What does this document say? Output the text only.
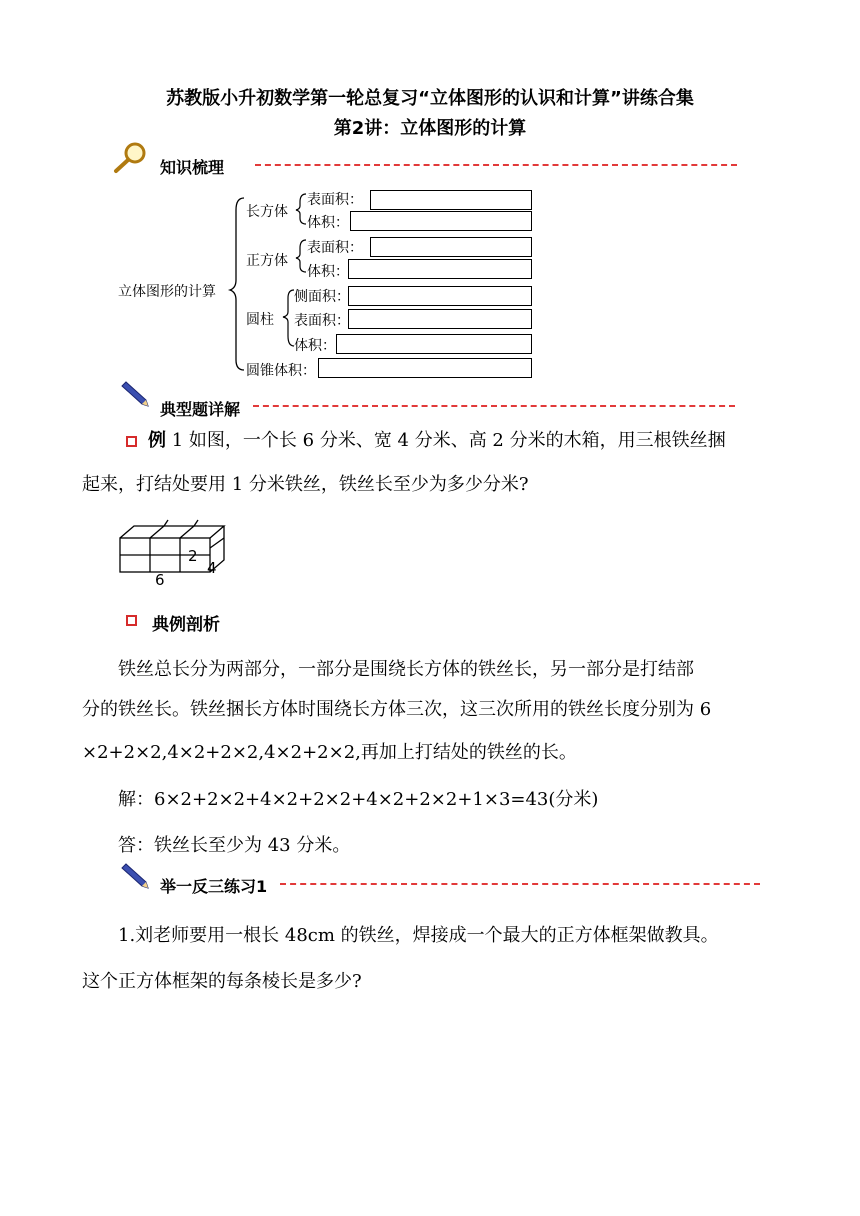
苏教版小升初数学第一轮总复习“立体图形的认识和计算”讲练合集
第2讲：立体图形的计算
知识梳理
立体图形的计算
长方体
表面积：
体积：
正方体
表面积：
体积：
圆柱
侧面积：
表面积：
体积：
圆锥体积：
典型题详解
例 1 如图，一个长 6 分米、宽 4 分米、高 2 分米的木箱，用三根铁丝捆
起来，打结处要用 1 分米铁丝，铁丝长至少为多少分米?
2
4
6
典例剖析
铁丝总长分为两部分，一部分是围绕长方体的铁丝长，另一部分是打结部
分的铁丝长。铁丝捆长方体时围绕长方体三次，这三次所用的铁丝长度分别为 6
×2+2×2,4×2+2×2,4×2+2×2,再加上打结处的铁丝的长。
解：6×2+2×2+4×2+2×2+4×2+2×2+1×3=43(分米)
答：铁丝长至少为 43 分米。
举一反三练习1
1.刘老师要用一根长 48cm 的铁丝，焊接成一个最大的正方体框架做教具。
这个正方体框架的每条棱长是多少?
